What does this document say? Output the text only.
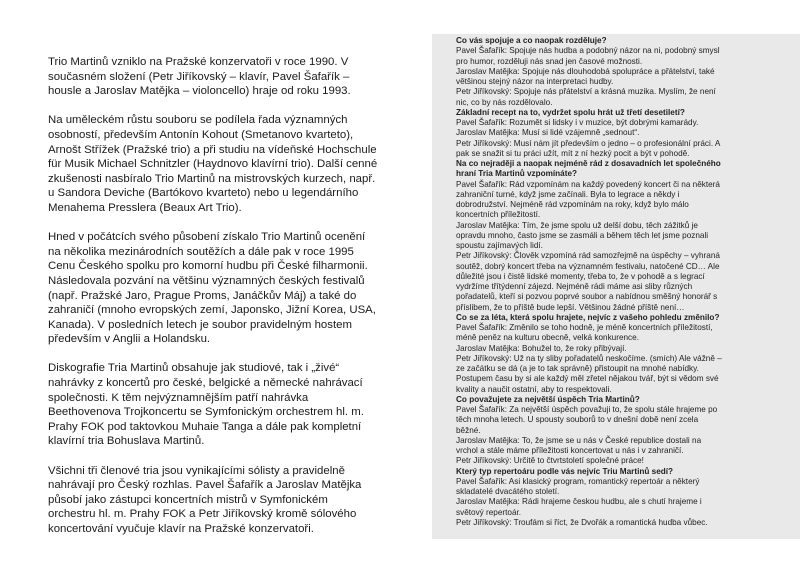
Trio Martinů vzniklo na Pražské konzervatoři v roce 1990. V současném složení (Petr Jiříkovský – klavír, Pavel Šafařík – housle a Jaroslav Matějka – violoncello) hraje od roku 1993.

Na uměleckém růstu souboru se podílela řada významných osobností, především Antonín Kohout (Smetanovo kvarteto), Arnošt Střížek (Pražské trio) a při studiu na vídeňské Hochschule für Musik Michael Schnitzler (Haydnovo klavírní trio). Další cenné zkušenosti nasbíralo Trio Martinů na mistrovských kurzech, např. u Sandora Deviche (Bartókovo kvarteto) nebo u legendárního Menahema Presslera (Beaux Art Trio).

Hned v počátcích svého působení získalo Trio Martinů ocenění na několika mezinárodních soutěžích a dále pak v roce 1995 Cenu Českého spolku pro komorní hudbu při České filharmonii. Následovala pozvání na většinu významných českých festivalů (např. Pražské Jaro, Prague Proms, Janáčkův Máj) a také do zahraničí (mnoho evropských zemí, Japonsko, Jižní Korea, USA, Kanada). V posledních letech je soubor pravidelným hostem především v Anglii a Holandsku.

Diskografie Tria Martinů obsahuje jak studiové, tak i „živé“ nahrávky z koncertů pro české, belgické a německé nahrávací společnosti. K těm nejvýznamnějším patří nahrávka Beethovenova Trojkoncertu se Symfonickým orchestrem hl. m. Prahy FOK pod taktovkou Muhaie Tanga a dále pak kompletní klavírní tria Bohuslava Martinů.

Všichni tři členové tria jsou vynikajícími sólisty a pravidelně nahrávají pro Český rozhlas. Pavel Šafařík a Jaroslav Matějka působí jako zástupci koncertních mistrů v Symfonickém orchestru hl. m. Prahy FOK a Petr Jiříkovský kromě sólového koncertování vyučuje klavír na Pražské konzervatoři.

Co vás spojuje a co naopak rozděluje?
Pavel Šafařík: Spojuje nás hudba a podobný názor na ni, podobný smysl
pro humor, rozděluji nás snad jen časové možnosti.
Jaroslav Matějka: Spojuje nás dlouhodobá spolupráce a přátelství, také
většinou stejný názor na interpretaci hudby.
Petr Jiříkovský: Spojuje nás přátelství a krásná muzika. Myslím, že není
nic, co by nás rozdělovalo.
Základní recept na to, vydržet spolu hrát už třetí desetiletí?
Pavel Šafařík: Rozumět si lidsky i v muzice, být dobrými kamarády.
Jaroslav Matějka: Musí si lidé vzájemně „sednout“.
Petr Jiříkovský: Musí nám jít především o jedno – o profesionální práci. A
pak se snažit si tu práci užít, mít z ní hezký pocit a být v pohodě.
Na co nejraději a naopak nejméně rád z dosavadních let společného
hraní Tria Martinů vzpomínáte?
Pavel Šafařík: Rád vzpomínám na každý povedený koncert či na některá
zahraniční turné, když jsme začínali. Byla to legrace a někdy i
dobrodružství. Nejméně rád vzpomínám na roky, když bylo málo
koncertních příležitostí.
Jaroslav Matějka: Tím, že jsme spolu už delší dobu, těch zážitků je
opravdu mnoho, často jsme se zasmáli a během těch let jsme poznali
spoustu zajímavých lidí.
Petr Jiříkovský: Člověk vzpomíná rád samozřejmě na úspěchy – vyhraná
soutěž, dobrý koncert třeba na významném festivalu, natočené CD… Ale
důležité jsou i čistě lidské momenty, třeba to, že v pohodě a s legrací
vydržíme třítýdenní zájezd. Nejméně rádi máme asi sliby různých
pořadatelů, kteří si pozvou poprvé soubor a nabídnou směšný honorář s
příslibem, že to příště bude lepší. Většinou žádné příště není…
Co se za léta, která spolu hrajete, nejvíc z vašeho pohledu změnilo?
Pavel Šafařík: Změnilo se toho hodně, je méně koncertních příležitostí,
méně peněz na kulturu obecně, velká konkurence.
Jaroslav Matějka: Bohužel to, že roky přibývají.
Petr Jiříkovský: Už na ty sliby pořadatelů neskočíme. (smích) Ale vážně –
ze začátku se dá (a je to tak správně) přistoupit na mnohé nabídky.
Postupem času by si ale každý měl zřetel nějakou tvář, být si vědom své
kvality a naučit ostatní, aby to respektovali.
Co považujete za největší úspěch Tria Martinů?
Pavel Šafařík: Za největší úspěch považuji to, že spolu stále hrajeme po
těch mnoha letech. U spousty souborů to v dnešní době není zcela
běžné.
Jaroslav Matějka: To, že jsme se u nás v České republice dostali na
vrchol a stále máme příležitosti koncertovat u nás i v zahraničí.
Petr Jiříkovský: Určitě to čtvrtstoletí společné práce!
Který typ repertoáru podle vás nejvíc Triu Martinů sedí?
Pavel Šafařík: Asi klasický program, romantický repertoár a některý
skladatelé dvacátého století.
Jaroslav Matějka: Rádi hrajeme českou hudbu, ale s chutí hrajeme i
světový repertoár.
Petr Jiříkovský: Troufám si říct, že Dvořák a romantická hudba vůbec.
